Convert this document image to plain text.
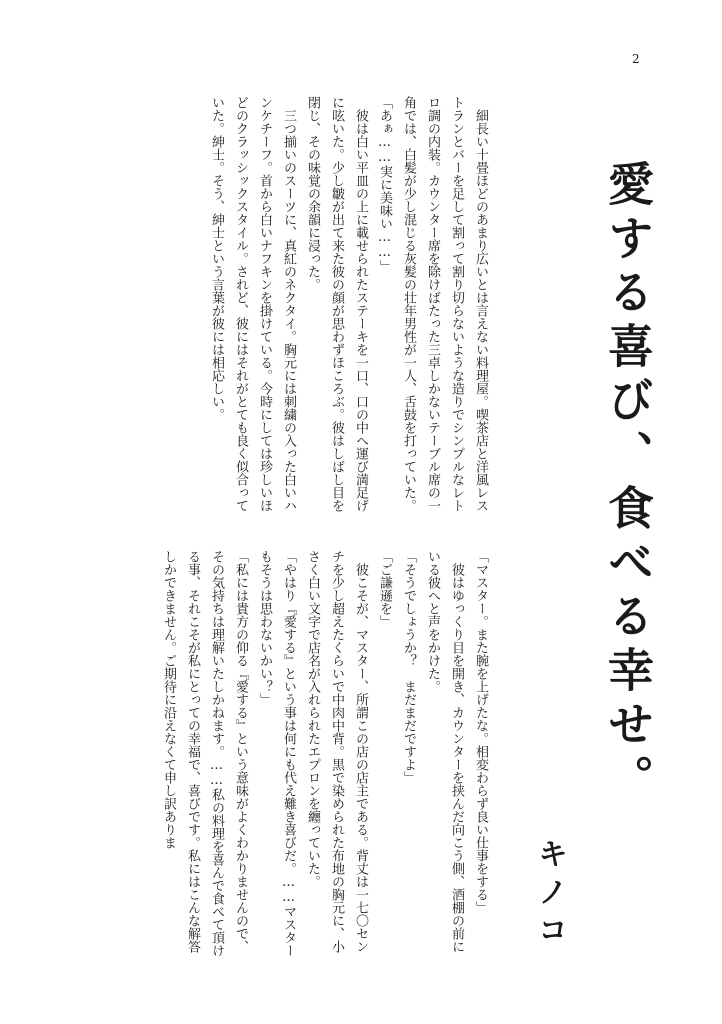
2
愛する喜び、食べる幸せ。
キノコ

細長い十畳ほどのあまり広いとは言えない料理屋。喫茶店と洋風レストランとバーを足して割って割り切らないような造りでシンプルなレトロ調の内装。カウンター席を除けばたった三卓しかないテーブル席の一角では、白髪が少し混じる灰髪の壮年男性が一人、舌鼓を打っていた。

「あぁ……実に美味い……」

彼は白い平皿の上に載せられたステーキを一口、口の中へ運び満足げに呟いた。少し皺が出て来た彼の顔が思わずほころぶ。彼はしばし目を閉じ、その味覚の余韻に浸った。

三つ揃いのスーツに、真紅のネクタイ。胸元には刺繍の入った白いハンケチーフ。首から白いナフキンを掛けている。今時にしては珍しいほどのクラッシックスタイル。されど、彼にはそれがとても良く似合っていた。紳士。そう、紳士という言葉が彼には相応しい。

「マスター。また腕を上げたな。相変わらず良い仕事をする」

彼はゆっくり目を開き、カウンターを挟んだ向こう側、酒棚の前にいる彼へと声をかけた。

「そうでしょうか？　まだまだですよ」

「ご謙遜を」

彼こそが、マスター、所謂この店の店主である。背丈は一七〇センチを少し超えたくらいで中肉中背。黒で染められた布地の胸元に、小さく白い文字で店名が入れられたエプロンを纏っていた。

「やはり『愛する』という事は何にも代え難き喜びだ。……マスターもそうは思わないかい？」

「私には貴方の仰る『愛する』という意味がよくわかりませんので、その気持ちは理解いたしかねます。……私の料理を喜んで食べて頂ける事、それこそが私にとっての幸福で、喜びです。私にはこんな解答しかできません。ご期待に沿えなくて申し訳ありま
